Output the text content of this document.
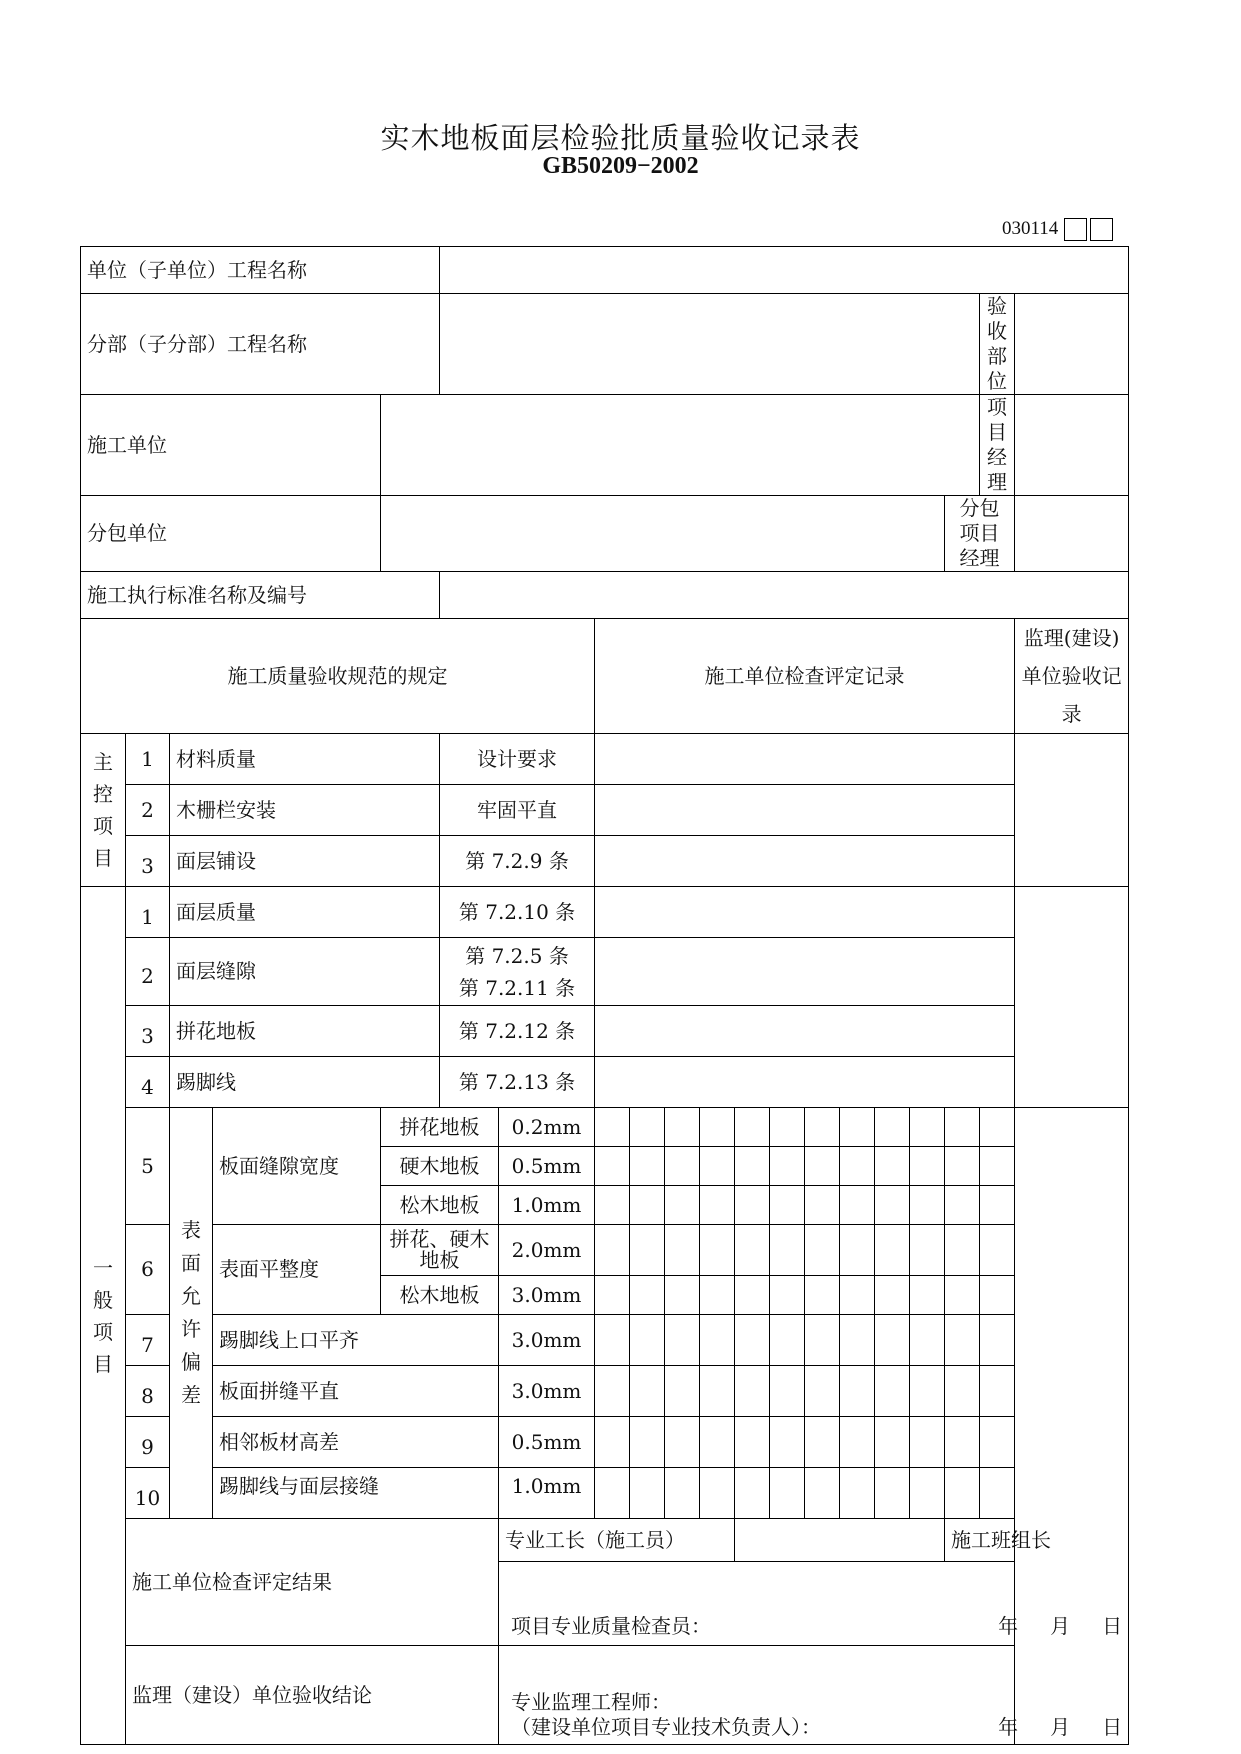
实木地板面层检验批质量验收记录表
GB50209−2002
030114
单位（子单位）工程名称																				
分部（子分部）工程名称																		验收部位		
施工单位																		项目经理		
分包单位																	分包项目经理			
施工执行标准名称及编号																				
施工质量验收规范的规定							施工单位检查评定记录												监理(建设)单位验收记录	

主控项目	1	材料质量			设计要求															
	2	木栅栏安装			牢固平直															

	3	面层铺设			第 7.2.9 条															

一般项目	1	面层质量			第 7.2.10 条															

	2	面层缝隙			第 7.2.5 条
第 7.2.11 条															

	3	拼花地板			第 7.2.12 条															

	4	踢脚线			第 7.2.13 条															
	5	表面允许偏差	板面缝隙宽度	拼花地板		0.2mm														
				硬木地板		0.5mm														
				松木地板		1.0mm														
	6		表面平整度	拼花、硬木地板		2.0mm														
				松木地板		3.0mm														

	7		踢脚线上口平齐			3.0mm														

	8		板面拼缝平直			3.0mm														

	9		相邻板材高差			0.5mm														

	10		踢脚线与面层接缝			1.0mm														
	施工单位检查评定结果					专业工长（施工员）											施工班组长			

						项目专业质量检查员： 年 月 日														

	监理（建设）单位验收结论					专业监理工程师：
（建设单位项目专业技术负责人）： 年 月 日														
